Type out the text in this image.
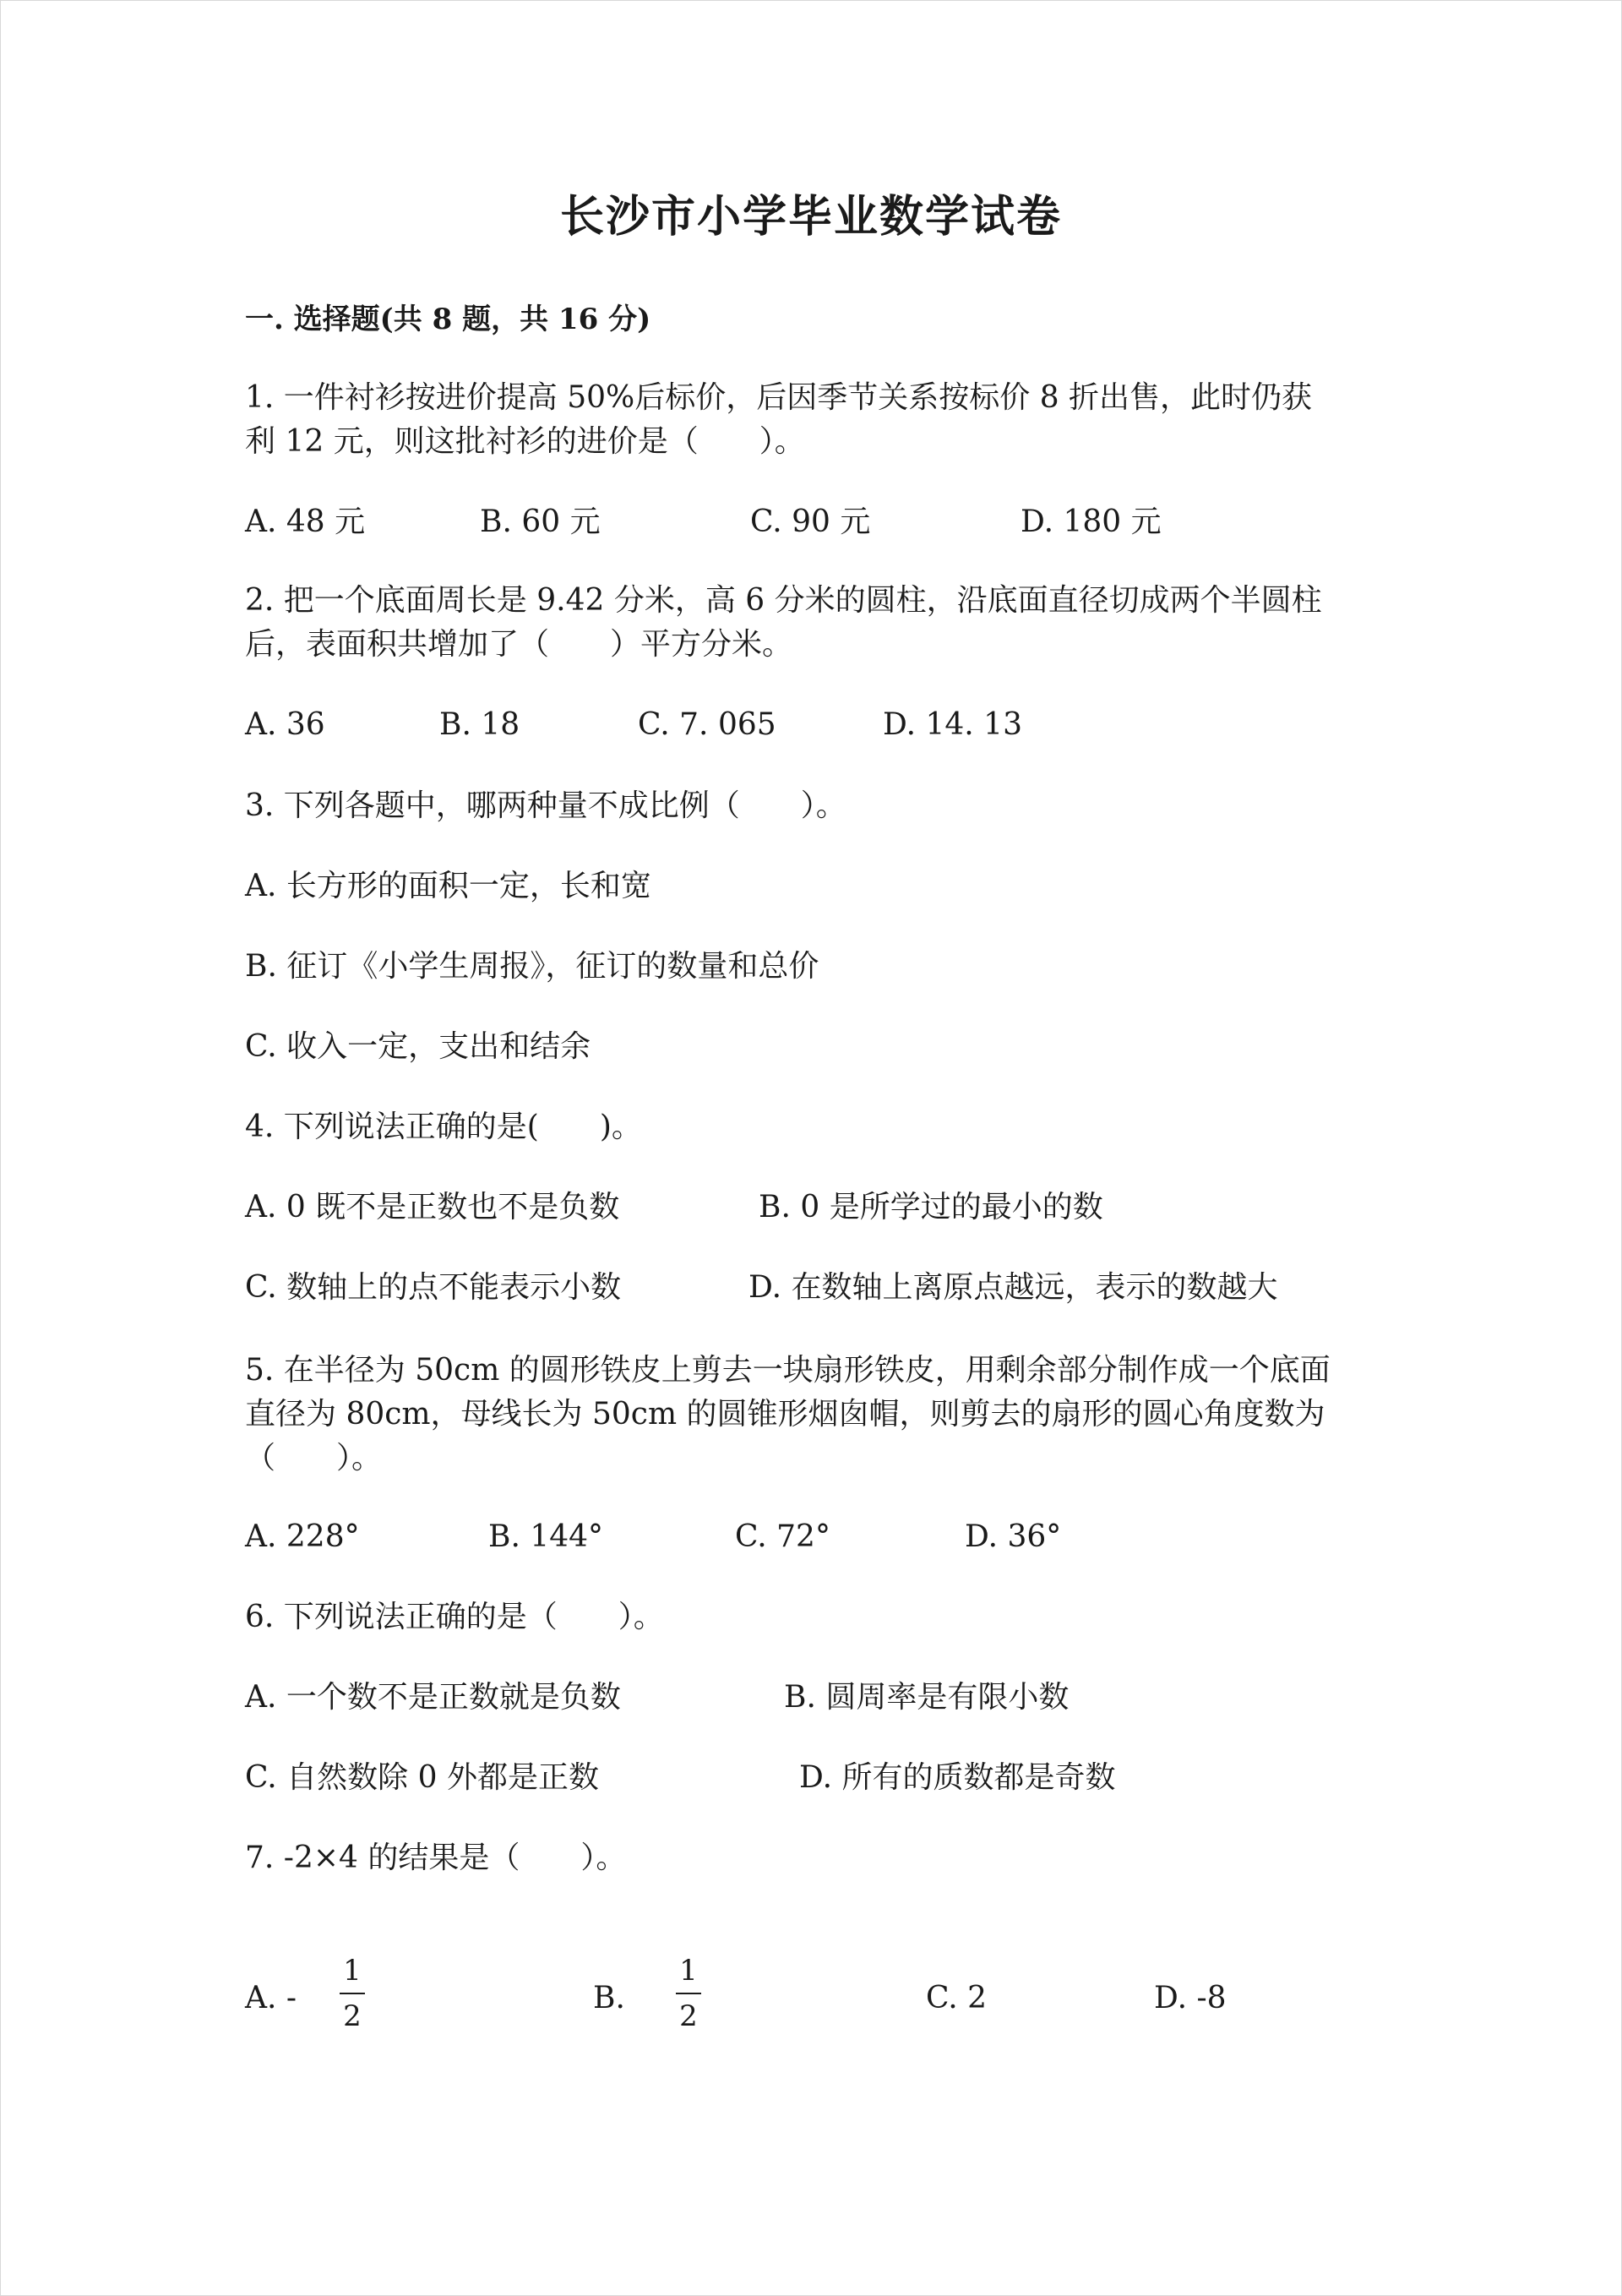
长沙市小学毕业数学试卷
一. 选择题(共 8 题，共 16 分)
1. 一件衬衫按进价提高 50%后标价，后因季节关系按标价 8 折出售，此时仍获
利 12 元，则这批衬衫的进价是（　　）。
A. 48 元	B. 60 元	C. 90 元	D. 180 元
2. 把一个底面周长是 9.42 分米，高 6 分米的圆柱，沿底面直径切成两个半圆柱
后，表面积共增加了（　　）平方分米。
A. 36	B. 18	C. 7. 065	D. 14. 13
3. 下列各题中，哪两种量不成比例（　　）。
A. 长方形的面积一定，长和宽
B. 征订《小学生周报》，征订的数量和总价
C. 收入一定，支出和结余
4. 下列说法正确的是(　　)。
A. 0 既不是正数也不是负数	B. 0 是所学过的最小的数
C. 数轴上的点不能表示小数	D. 在数轴上离原点越远，表示的数越大
5. 在半径为 50cm 的圆形铁皮上剪去一块扇形铁皮，用剩余部分制作成一个底面
直径为 80cm，母线长为 50cm 的圆锥形烟囱帽，则剪去的扇形的圆心角度数为
（　　）。
A. 228°	B. 144°	C. 72°	D. 36°
6. 下列说法正确的是（　　）。
A. 一个数不是正数就是负数	B. 圆周率是有限小数
C. 自然数除 0 外都是正数	D. 所有的质数都是奇数
7. -2×4 的结果是（　　）。
A. -
1
2
B.
1
2
C. 2	D. -8
